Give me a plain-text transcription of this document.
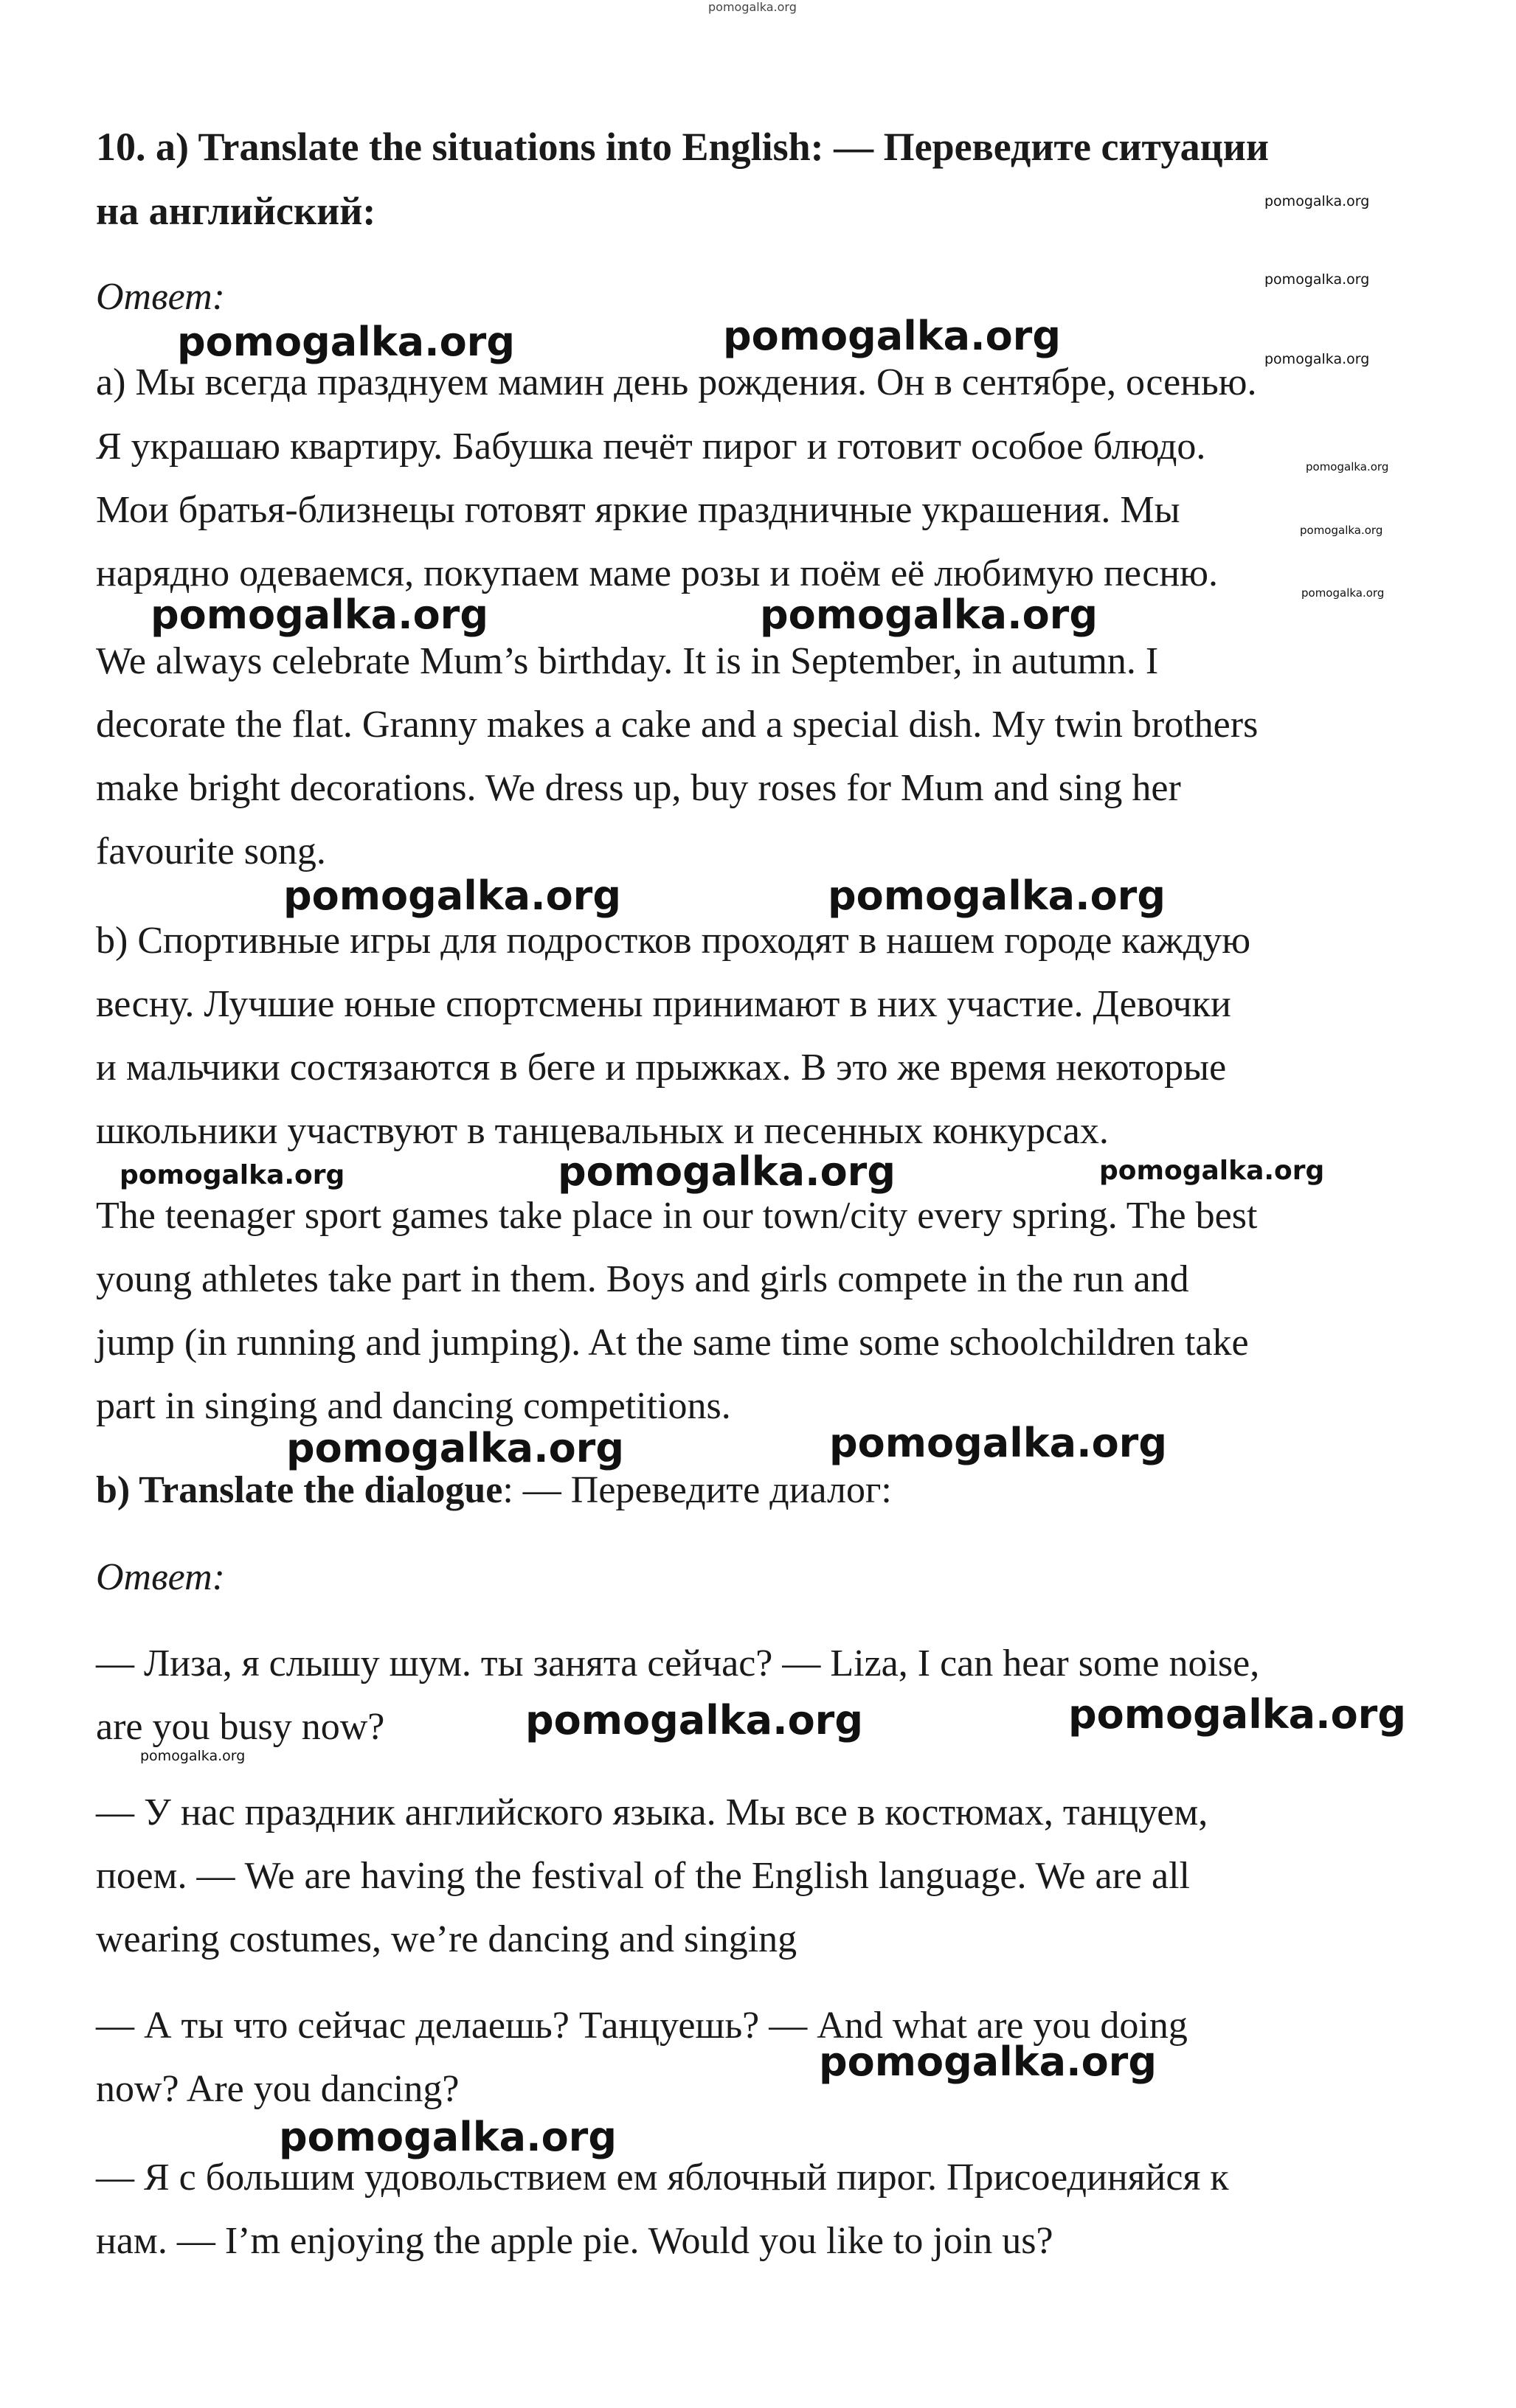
pomogalka.org
10. a) Translate the situations into English: — Переведите ситуации
на английский:	pomogalka.org
pomogalka.org
pomogalka.org
pomogalka.org
pomogalka.org
pomogalka.org
Ответ:
pomogalka.org	pomogalka.org
а) Мы всегда празднуем мамин день рождения. Он в сентябре, осенью.
Я украшаю квартиру. Бабушка печёт пирог и готовит особое блюдо.
Мои братья-близнецы готовят яркие праздничные украшения. Мы
нарядно одеваемся, покупаем маме розы и поём её любимую песню.
pomogalka.org	pomogalka.org
We always celebrate Mum’s birthday. It is in September, in autumn. I
decorate the flat. Granny makes a cake and a special dish. My twin brothers
make bright decorations. We dress up, buy roses for Mum and sing her
favourite song.
pomogalka.org	pomogalka.org
b) Спортивные игры для подростков проходят в нашем городе каждую
весну. Лучшие юные спортсмены принимают в них участие. Девочки
и мальчики состязаются в беге и прыжках. В это же время некоторые
школьники участвуют в танцевальных и песенных конкурсах.
pomogalka.org	pomogalka.org	pomogalka.org
The teenager sport games take place in our town/city every spring. The best
young athletes take part in them. Boys and girls compete in the run and
jump (in running and jumping). At the same time some schoolchildren take
part in singing and dancing competitions.
pomogalka.org	pomogalka.org
b) Translate the dialogue: — Переведите диалог:
Ответ:
— Лиза, я слышу шум. ты занята сейчас? — Liza, I can hear some noise,
are you busy now?	pomogalka.org	pomogalka.org
pomogalka.org
— У нас праздник английского языка. Мы все в костюмах, танцуем,
поем. — We are having the festival of the English language. We are all
wearing costumes, we’re dancing and singing
— А ты что сейчас делаешь? Танцуешь? — And what are you doing
pomogalka.org
now? Are you dancing?
pomogalka.org
— Я с большим удовольствием ем яблочный пирог. Присоединяйся к
нам. — I’m enjoying the apple pie. Would you like to join us?
